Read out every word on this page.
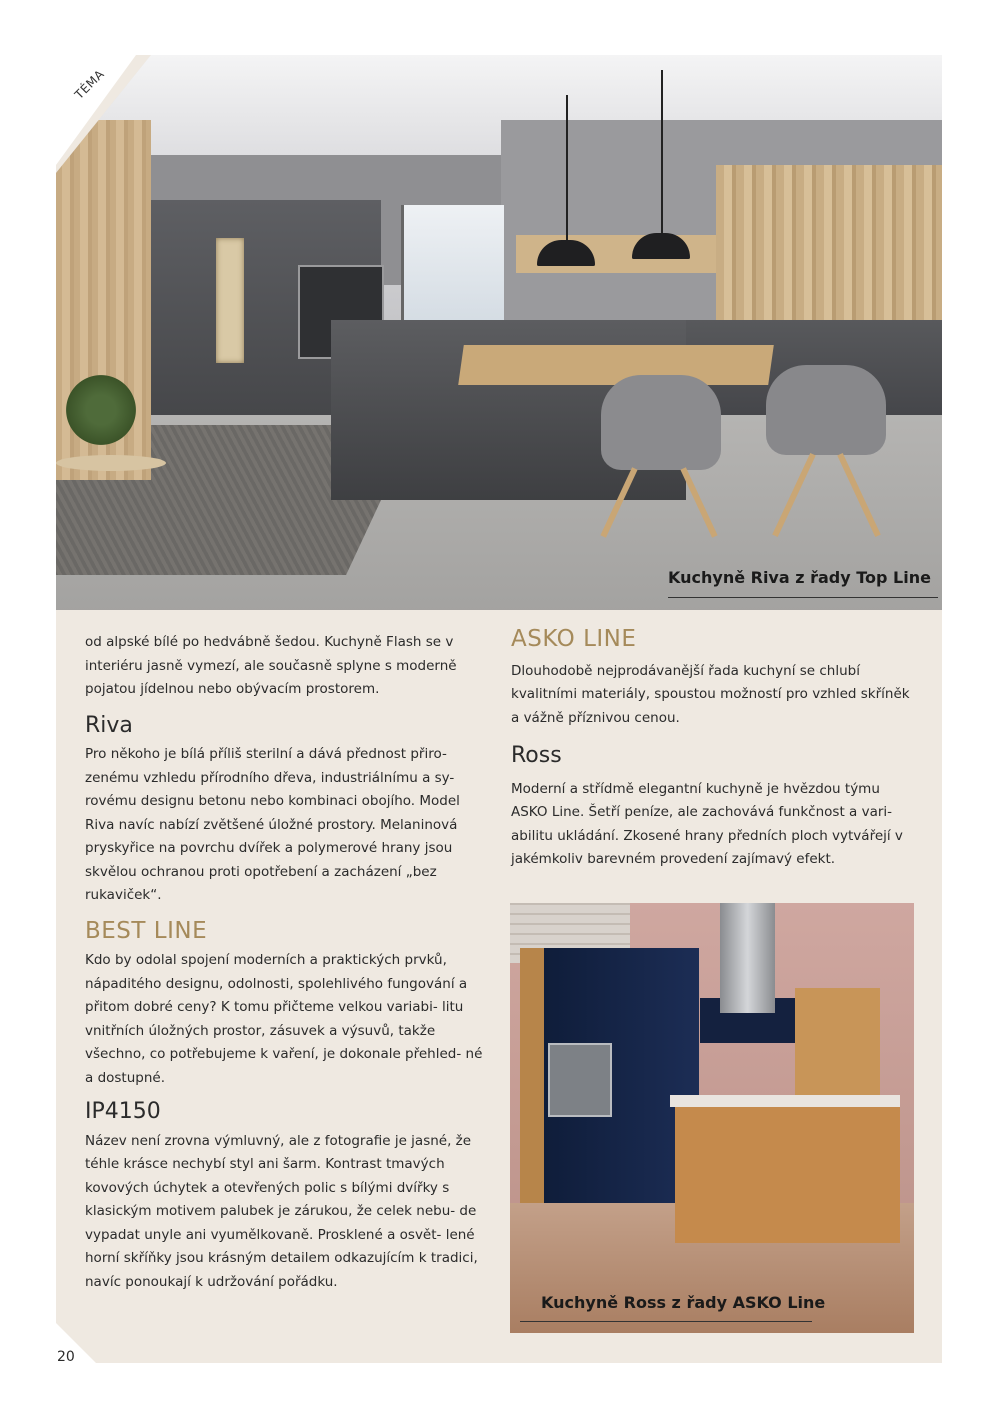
TÉMA
Kuchyně Riva z řady Top Line

od alpské bílé po hedvábně šedou. Kuchyně Flash se v interiéru jasně vymezí, ale současně splyne s moderně pojatou jídelnou nebo obývacím prostorem.

Riva

Pro někoho je bílá příliš sterilní a dává přednost přiro- zenému vzhledu přírodního dřeva, industriálnímu a sy- rovému designu betonu nebo kombinaci obojího. Model Riva navíc nabízí zvětšené úložné prostory. Melaninová pryskyřice na povrchu dvířek a polymerové hrany jsou skvělou ochranou proti opotřebení a zacházení „bez rukaviček“.

BEST LINE

Kdo by odolal spojení moderních a praktických prvků, nápaditého designu, odolnosti, spolehlivého fungování a přitom dobré ceny? K tomu přičteme velkou variabi- litu vnitřních úložných prostor, zásuvek a výsuvů, takže všechno, co potřebujeme k vaření, je dokonale přehled- né a dostupné.

IP4150

Název není zrovna výmluvný, ale z fotografie je jasné, že téhle krásce nechybí styl ani šarm. Kontrast tmavých kovových úchytek a otevřených polic s bílými dvířky s klasickým motivem palubek je zárukou, že celek nebu- de vypadat unyle ani vyumělkovaně. Prosklené a osvět- lené horní skříňky jsou krásným detailem odkazujícím k tradici, navíc ponoukají k udržování pořádku.

ASKO LINE

Dlouhodobě nejprodávanější řada kuchyní se chlubí kvalitními materiály, spoustou možností pro vzhled skříněk a vážně příznivou cenou.

Ross

Moderní a střídmě elegantní kuchyně je hvězdou týmu ASKO Line. Šetří peníze, ale zachovává funkčnost a vari- abilitu ukládání. Zkosené hrany předních ploch vytvářejí v jakémkoliv barevném provedení zajímavý efekt.

Kuchyně Ross z řady ASKO Line
20
